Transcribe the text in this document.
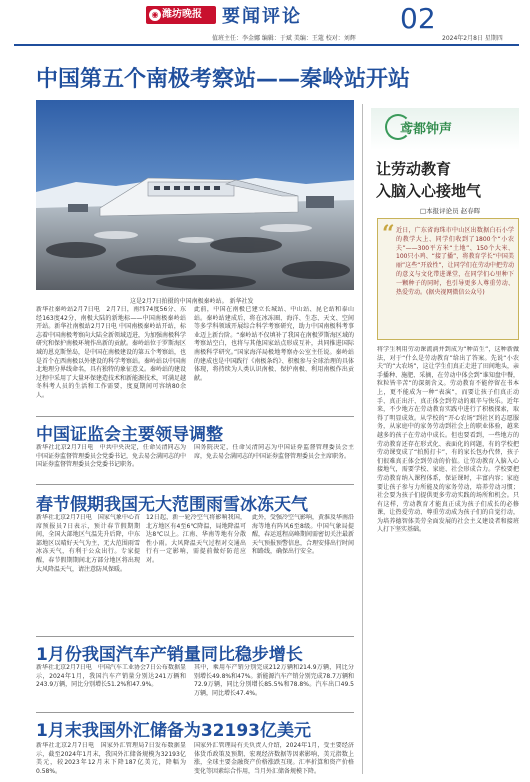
◉ 潍坊晚报	要闻评论	02
值班主任：李金娜 编辑：于斌 美编：王蔻 校对：刘辉	2024年2月8日 星期四
中国第五个南极考察站——秦岭站开站
这是2月7日拍摄的中国南极秦岭站。 新华社发
新华社秦岭站2月7日电　2月7日，南纬74度56分、东经163度42分，南极大陆的新地标——中国南极秦岭站开站。新华社南极站2月7日电 中国南极秦岭站开站，标志着中国南极考察向大陆全新领域迈进，为加强南极科学研究和保护南极环境作出新的贡献。秦岭站位于罗斯海区域的恩克斯堡岛，是中国在南极建设的第五个考察站，也是首个在西南极以外建设的科学考察站。秦岭站以中国南北地理分界线命名，具有独特的象征意义。秦岭站的建设过程中采用了大量环保建造技术和新能源技术，可满足越冬科考人员的生活和工作需要，度夏期间可容纳80余人。
此前，中国在南极已建立长城站、中山站、昆仑站和泰山站。秦岭站建成后，将在冰冻圈、海洋、生态、天文、空间等多学科领域开展综合科学考察研究，助力中国南极科考事业迈上新台阶。“秦岭站不仅填补了我国在南极罗斯海区域的考察站空白，也将与其他国家站点形成互补，共同推进国际南极科学研究。”国家海洋局极地考察办公室主任说。秦岭站的建成也是中国践行《南极条约》、积极参与全球治理的具体体现，将持续为人类认识南极、保护南极、利用南极作出贡献。
中国证监会主要领导调整
新华社北京2月7日电　中共中央决定，任命吴清同志为中国证券监督管理委员会党委书记，免去易会满同志的中国证券监督管理委员会党委书记职务。
国务院决定，任命吴清同志为中国证券监督管理委员会主席，免去易会满同志的中国证券监督管理委员会主席职务。
春节假期我国无大范围雨雪冰冻天气
新华社北京2月7日电　国家气象中心首席预报员7日表示，预计春节假期期间，全国大部地区气温先升后降，中东部地区以晴好天气为主，无大范围雨雪冰冻天气，有利于公众出行。专家提醒，春节假期期间北方部分地区将出现大风降温天气，请注意防风保暖。
12日起，新一轮冷空气将影响我国，北方地区有4至6℃降温，局地降温可达8℃以上。江南、华南等地有分散性小雨。大风降温天气过程对交通出行有一定影响，需提前做好防范应对。
此外，受强冷空气影响，黄淮及华南沿海等地有阵风6至8级。中国气象局提醒，春运返程高峰期间需密切关注最新天气预报预警信息，合理安排出行时间和路线，确保出行安全。
1月份我国汽车产销量同比稳步增长
新华社北京2月7日电　中国汽车工业协会7日公布数据显示，2024年1月，我国汽车产销量分别达241万辆和243.9万辆，同比分别增长51.2%和47.9%。
其中，乘用车产销分别完成212万辆和214.9万辆，同比分别增长49.8%和47%。新能源汽车产销分别完成78.7万辆和72.9万辆，同比分别增长85.5%和78.8%。汽车出口49.5万辆，同比增长47.4%。
1月末我国外汇储备为32193亿美元
新华社北京2月7日电　国家外汇管理局7日发布数据显示，截至2024年1月末，我国外汇储备规模为32193亿美元，较2023年12月末下降187亿美元，降幅为0.58%。
国家外汇管理局有关负责人介绍，2024年1月，受主要经济体货币政策及预期、宏观经济数据等因素影响，美元指数上涨，全球主要金融资产价格涨跌互现。汇率折算和资产价格变化等因素综合作用，当月外汇储备规模下降。
鸢都钟声
让劳动教育
入脑入心接地气
□本报评论员 赵春晖
“ 近日，广东省海珠市中山区出数据白石小学的教学大上、同学们收到了1800个“小农夫”——300平方米“土地”、150个大米、100只小鸡、“接了播”，将教育学长“中国美丽”这些“开放性”，让同学们在劳动中把劳动的意义与文化带进课堂，在同学们心里种下一颗种子的同时，也引导更多人尊重劳动、热爱劳动。(据央视网微信公众号)
将学生利用劳动课流淌并到成为“种苗生”，这种新做法，对于“什么是劳动教育”给出了答案。先说“小农夫”的“大农场”，这让学生们真正走进了田间地头，亲手播种、施肥、采摘，在劳动中体会到“谁知盘中餐，粒粒皆辛苦”的深刻含义。劳动教育不能停留在书本上，更不能成为一种“表演”，而要让孩子们真正动手、真正出汗、真正体会到劳动的艰辛与快乐。近年来，不少地方在劳动教育实践中进行了积极探索，取得了明显成效。从学校的“开心农场”到社区的志愿服务，从家庭中的家务劳动到社会上的职业体验，越来越多的孩子在劳动中成长。但也要看到，一些地方的劳动教育还存在形式化、表面化的问题，有的学校把劳动课变成了“拍照打卡”，有的家长包办代替，孩子们很难真正体会到劳动的价值。让劳动教育入脑入心接地气，需要学校、家庭、社会形成合力。学校要把劳动教育纳入课程体系，保证课时，丰富内容；家庭要让孩子参与力所能及的家务劳动，培养劳动习惯；社会要为孩子们提供更多劳动实践的场所和机会。只有这样，劳动教育才能真正成为孩子们成长的必修课，让热爱劳动、尊重劳动成为孩子们的自觉行动，为培养德智体美劳全面发展的社会主义建设者和接班人打下坚实基础。
